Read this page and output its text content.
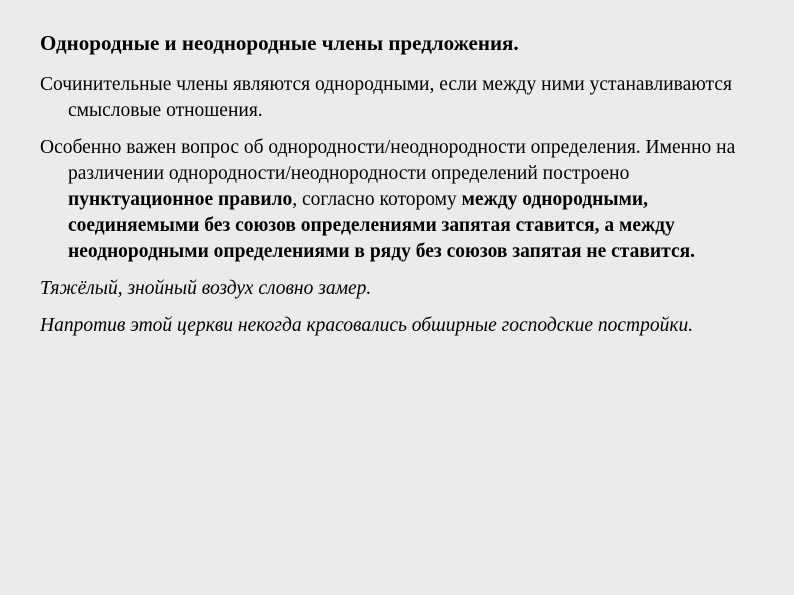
Однородные и неоднородные члены предложения.

Сочинительные члены являются однородными, если между ними устанавливаются смысловые отношения.

Особенно важен вопрос об однородности/неоднородности определения. Именно на различении однородности/неоднородности определений построено пунктуационное правило, согласно которому между однородными, соединяемыми без союзов определениями запятая ставится, а между неоднородными определениями в ряду без союзов запятая не ставится.

Тяжёлый, знойный воздух словно замер.

Напротив этой церкви некогда красовались обширные господские постройки.
